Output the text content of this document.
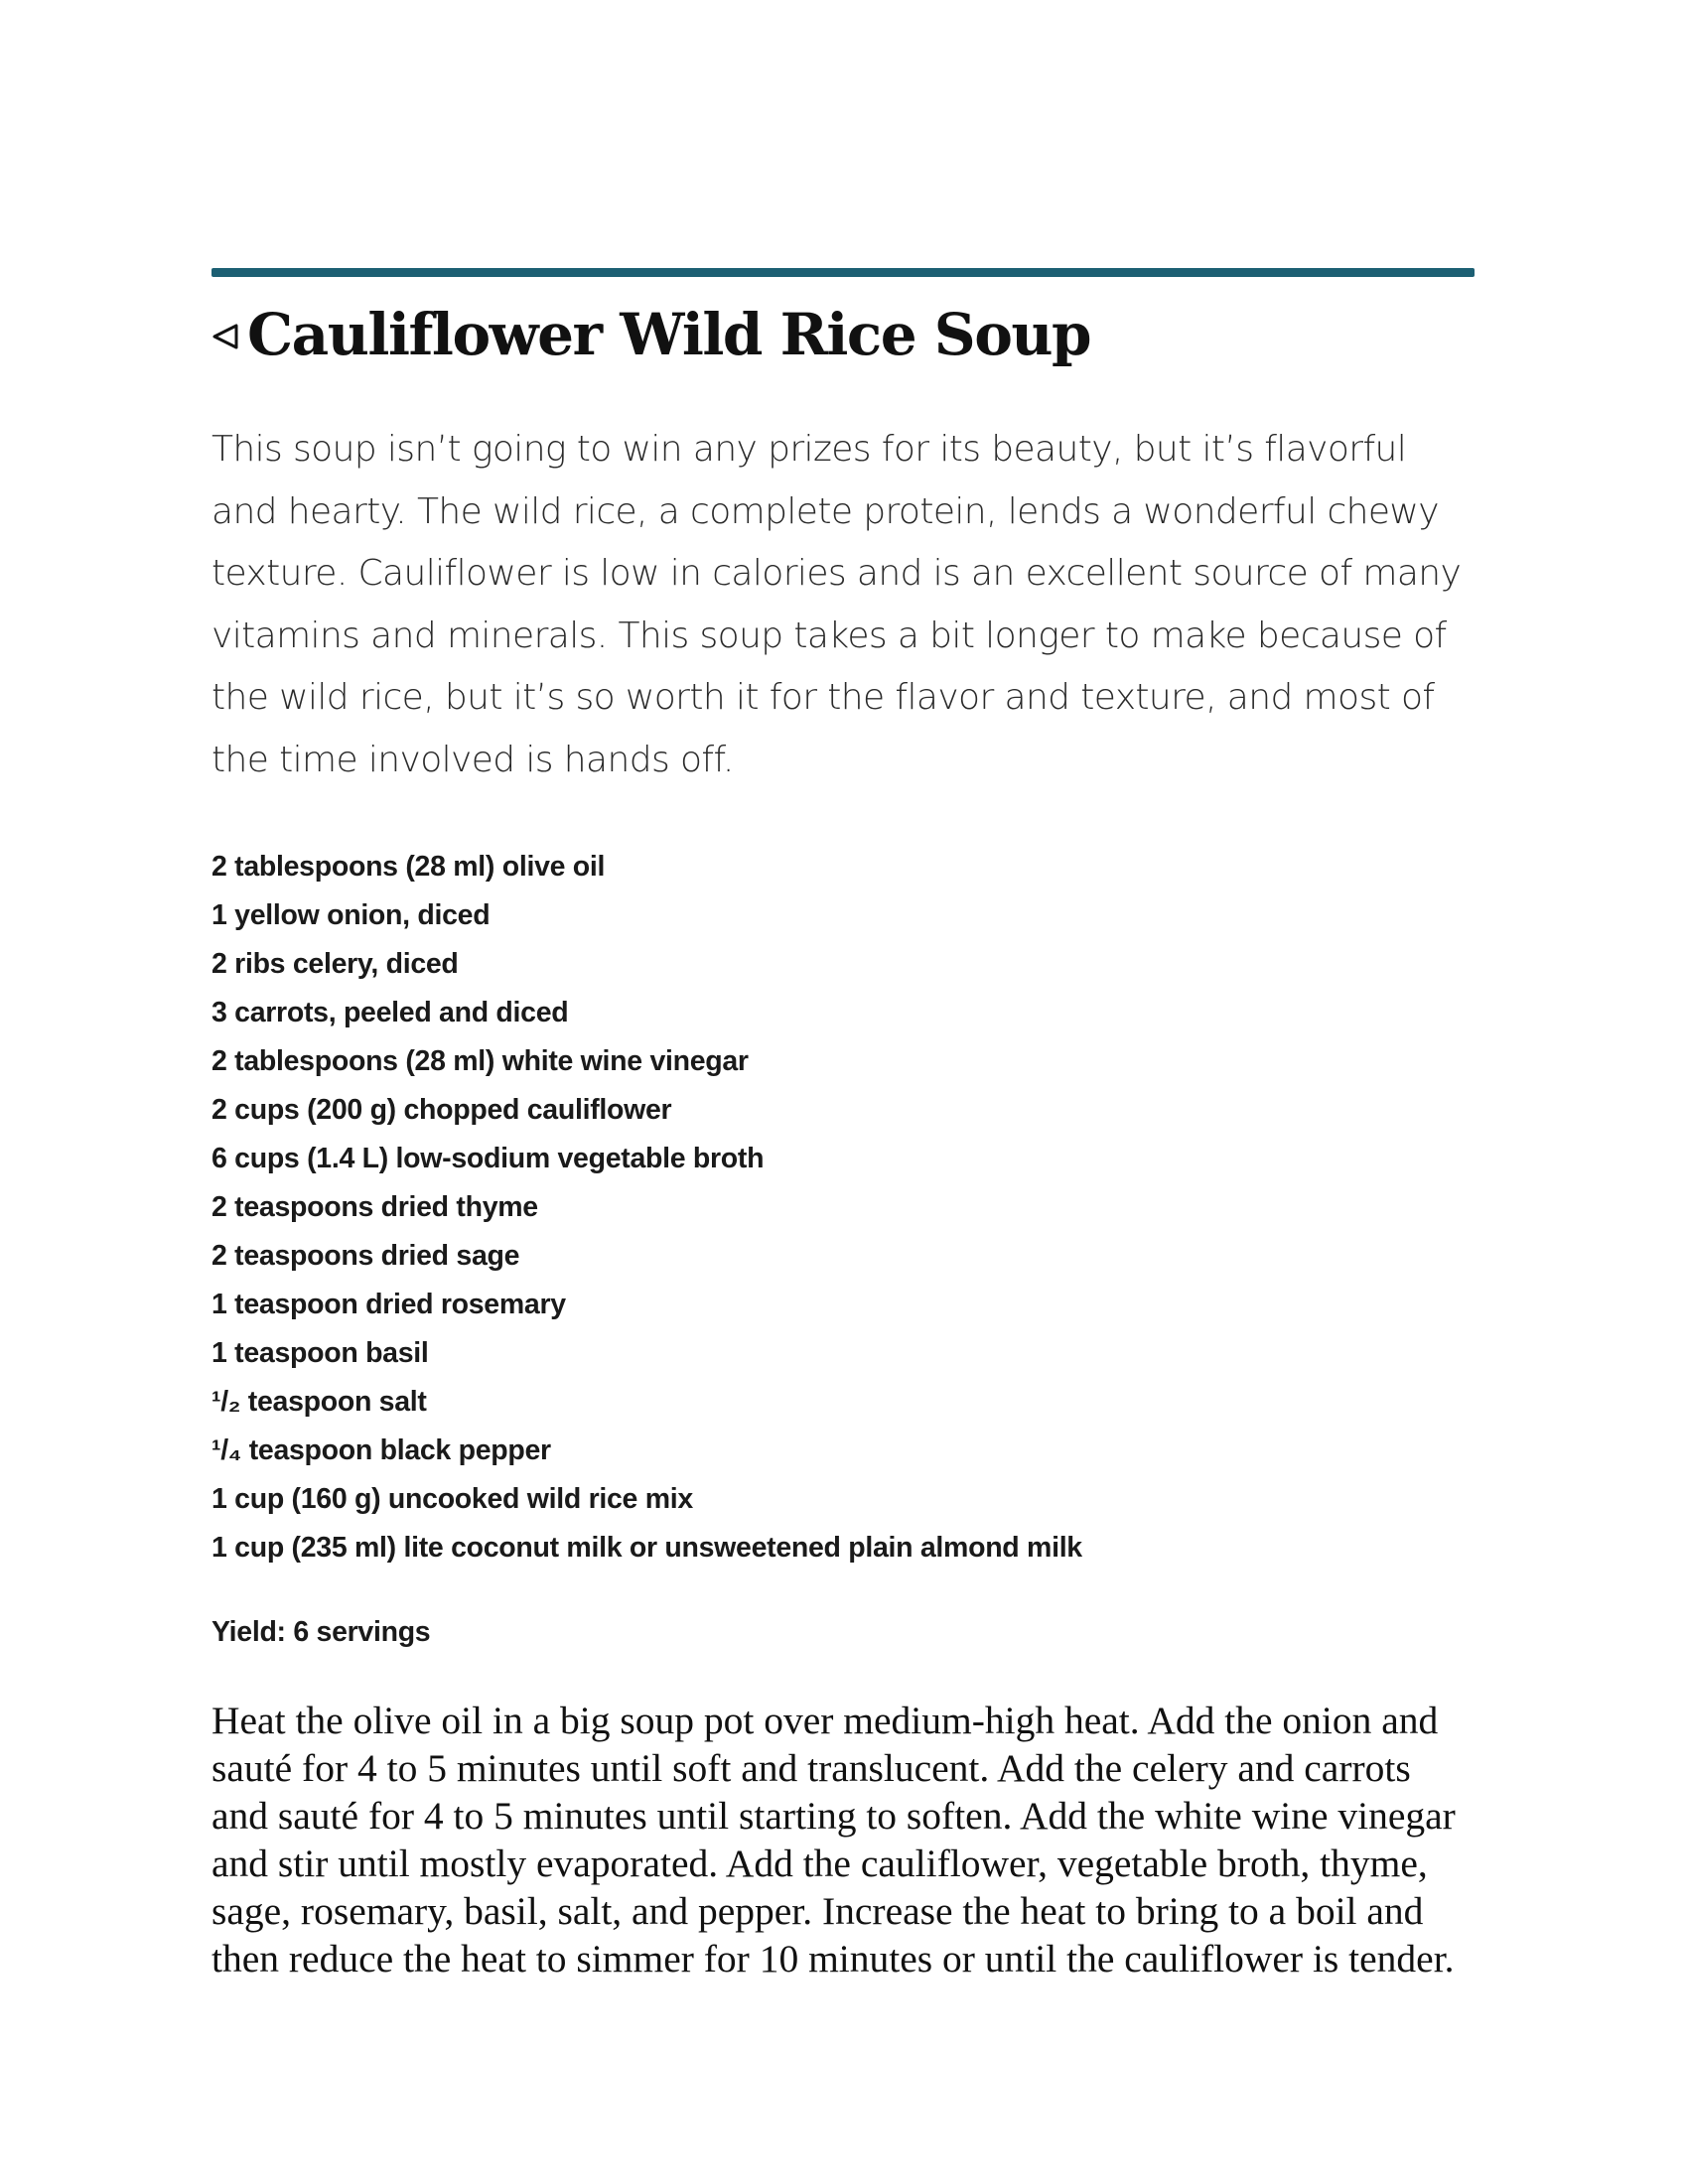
Cauliflower Wild Rice Soup

This soup isn’t going to win any prizes for its beauty, but it’s flavorful and hearty. The wild rice, a complete protein, lends a wonderful chewy texture. Cauliflower is low in calories and is an excellent source of many vitamins and minerals. This soup takes a bit longer to make because of the wild rice, but it’s so worth it for the flavor and texture, and most of the time involved is hands off.

2 tablespoons (28 ml) olive oil
1 yellow onion, diced
2 ribs celery, diced
3 carrots, peeled and diced
2 tablespoons (28 ml) white wine vinegar
2 cups (200 g) chopped cauliflower
6 cups (1.4 L) low-sodium vegetable broth
2 teaspoons dried thyme
2 teaspoons dried sage
1 teaspoon dried rosemary
1 teaspoon basil
¹/₂ teaspoon salt
¹/₄ teaspoon black pepper
1 cup (160 g) uncooked wild rice mix
1 cup (235 ml) lite coconut milk or unsweetened plain almond milk

Yield: 6 servings

Heat the olive oil in a big soup pot over medium-high heat. Add the onion and sauté for 4 to 5 minutes until soft and translucent. Add the celery and carrots and sauté for 4 to 5 minutes until starting to soften. Add the white wine vinegar and stir until mostly evaporated. Add the cauliflower, vegetable broth, thyme, sage, rosemary, basil, salt, and pepper. Increase the heat to bring to a boil and then reduce the heat to simmer for 10 minutes or until the cauliflower is tender.
